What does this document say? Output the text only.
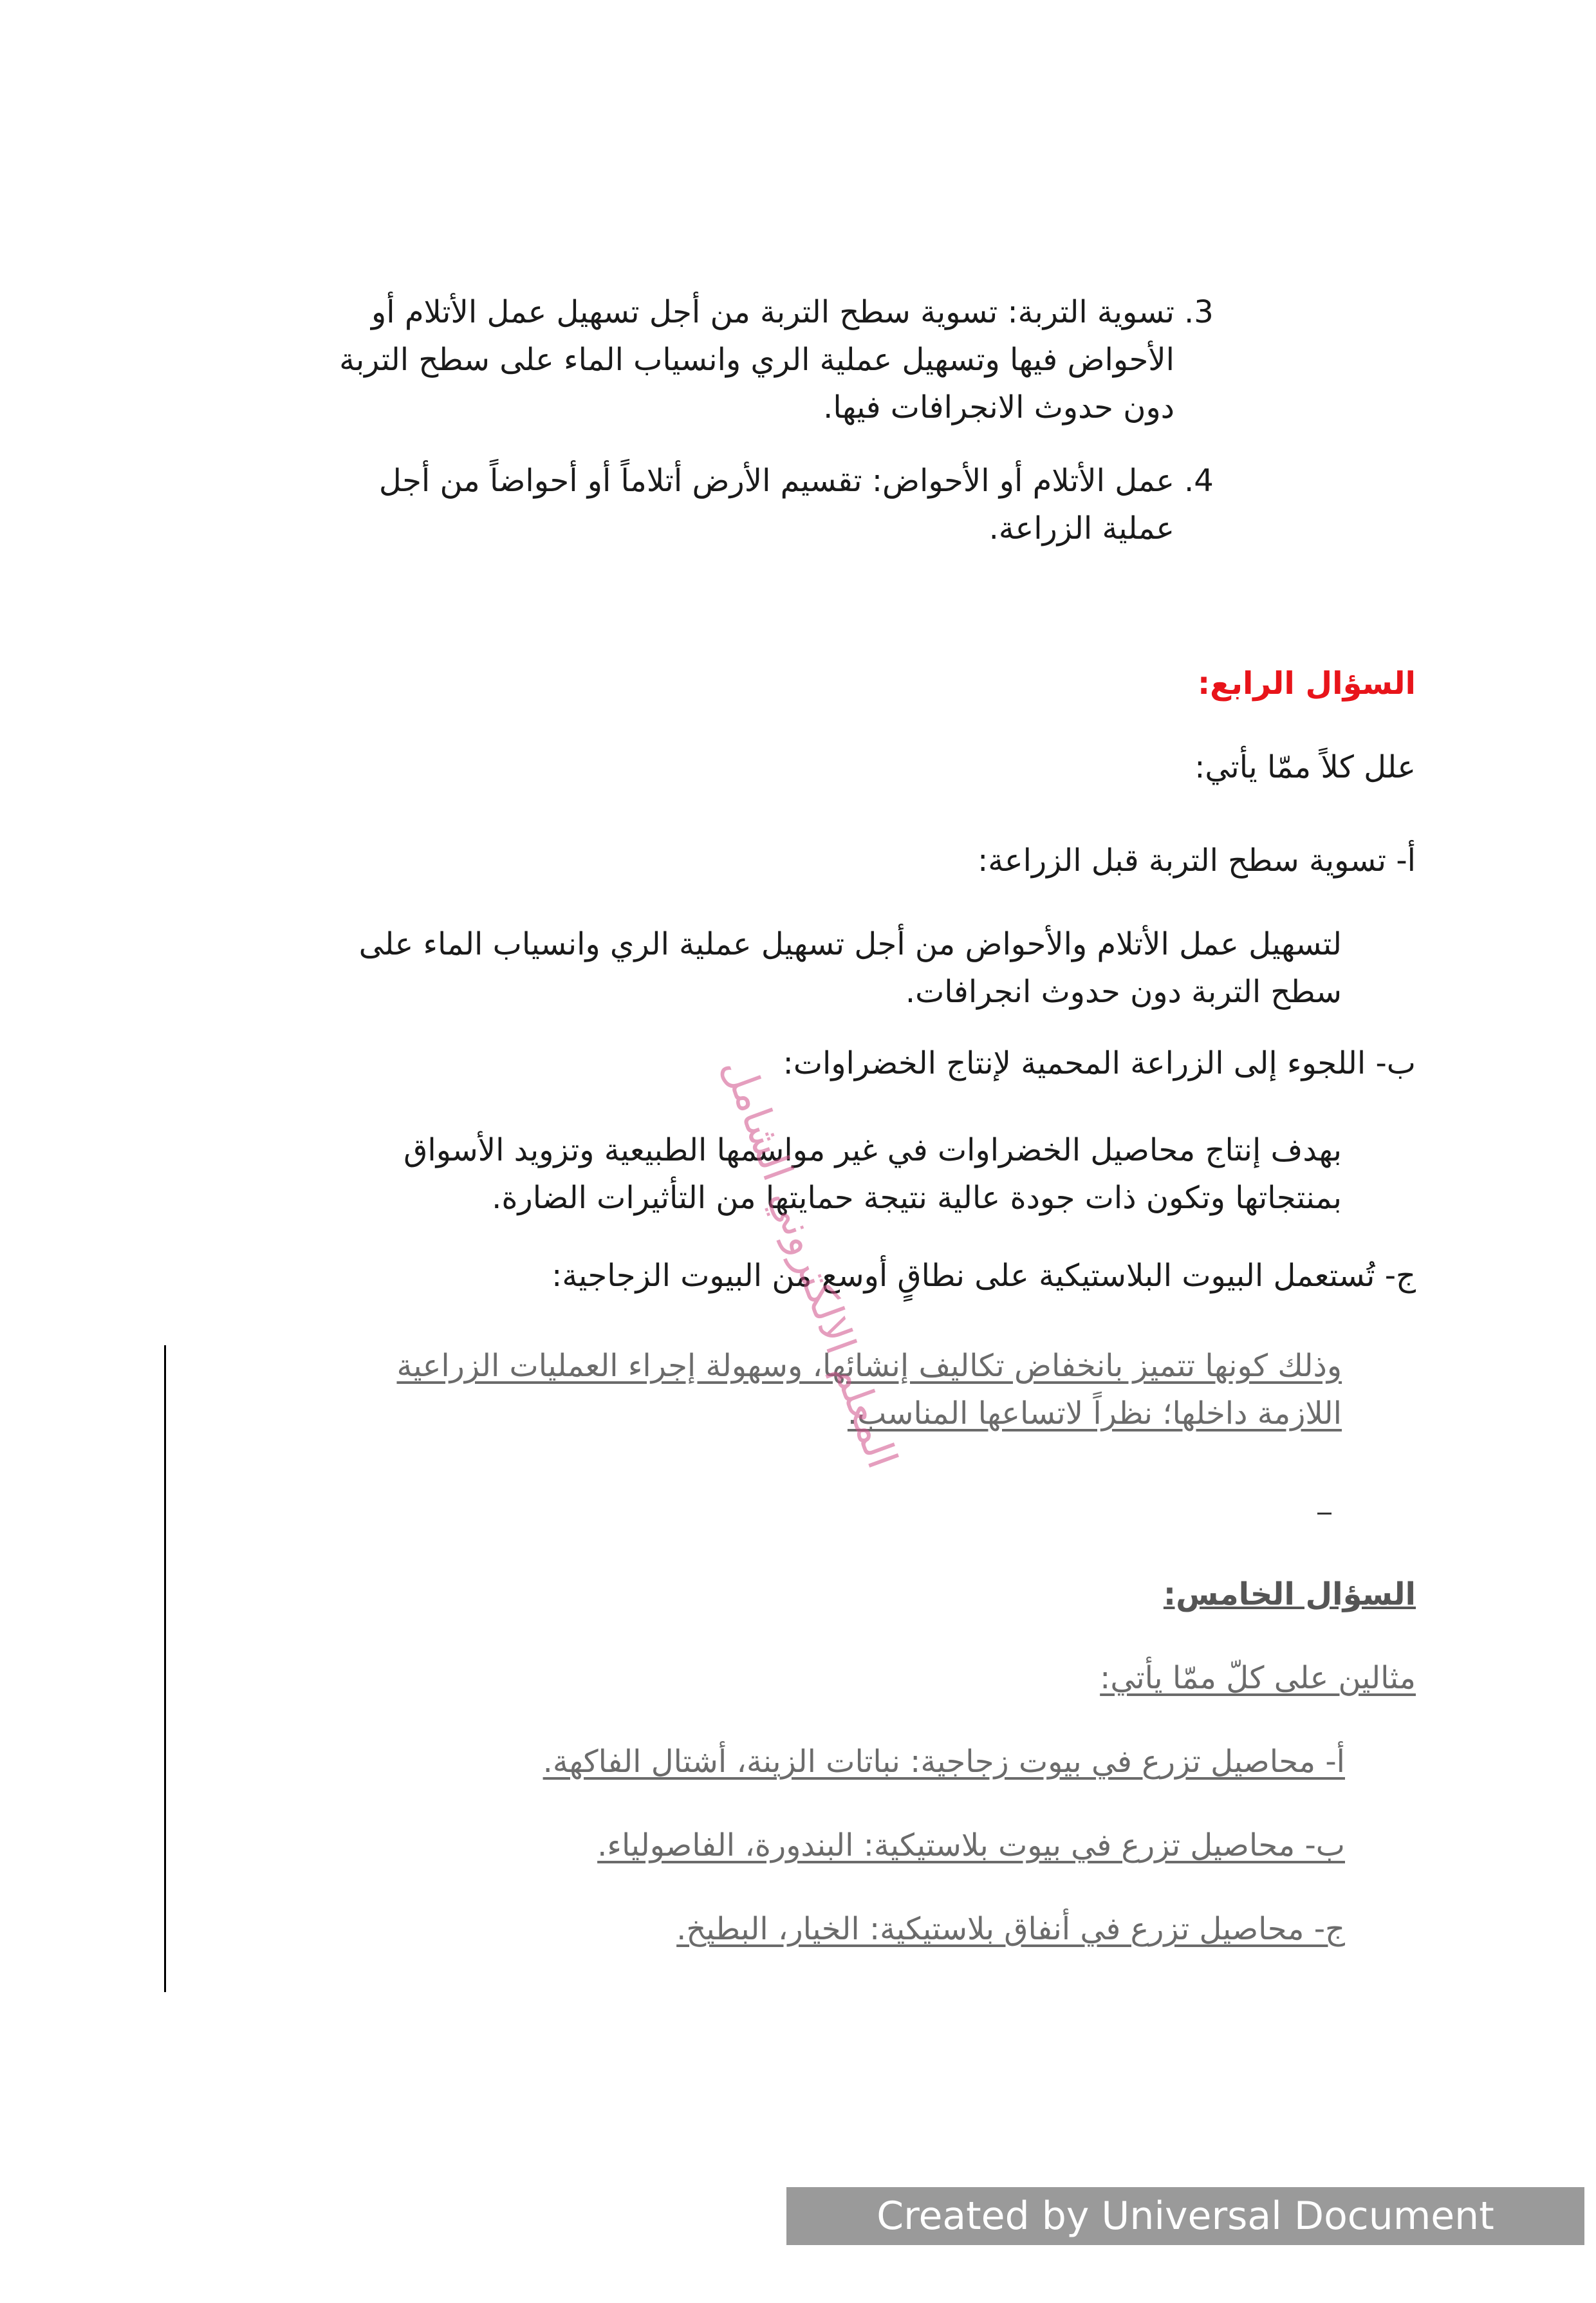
.3
تسوية التربة: تسوية سطح التربة من أجل تسهيل عمل الأتلام أو
الأحواض فيها وتسهيل عملية الري وانسياب الماء على سطح التربة
دون حدوث الانجرافات فيها.
.4
عمل الأتلام أو الأحواض: تقسيم الأرض أتلاماً أو أحواضاً من أجل
عملية الزراعة.
السؤال الرابع:
علل كلاً ممّا يأتي:
أ- تسوية سطح التربة قبل الزراعة:
لتسهيل عمل الأتلام والأحواض من أجل تسهيل عملية الري وانسياب الماء على
سطح التربة دون حدوث انجرافات.
ب- اللجوء إلى الزراعة المحمية لإنتاج الخضراوات:
بهدف إنتاج محاصيل الخضراوات في غير مواسمها الطبيعية وتزويد الأسواق
بمنتجاتها وتكون ذات جودة عالية نتيجة حمايتها من التأثيرات الضارة.
ج- تُستعمل البيوت البلاستيكية على نطاقٍ أوسع من البيوت الزجاجية:
وذلك كونها تتميز بانخفاض تكاليف إنشائها، وسهولة إجراء العمليات الزراعية
اللازمة داخلها؛ نظراً لاتساعها المناسب.
السؤال الخامس:
مثالين على كلّ ممّا يأتي:
أ- محاصيل تزرع في بيوت زجاجية: نباتات الزينة، أشتال الفاكهة.
ب- محاصيل تزرع في بيوت بلاستيكية: البندورة، الفاصولياء.
ج- محاصيل تزرع في أنفاق بلاستيكية: الخيار، البطيخ.
المعلم الالكتروني الشامل
Created by Universal Document Converter
